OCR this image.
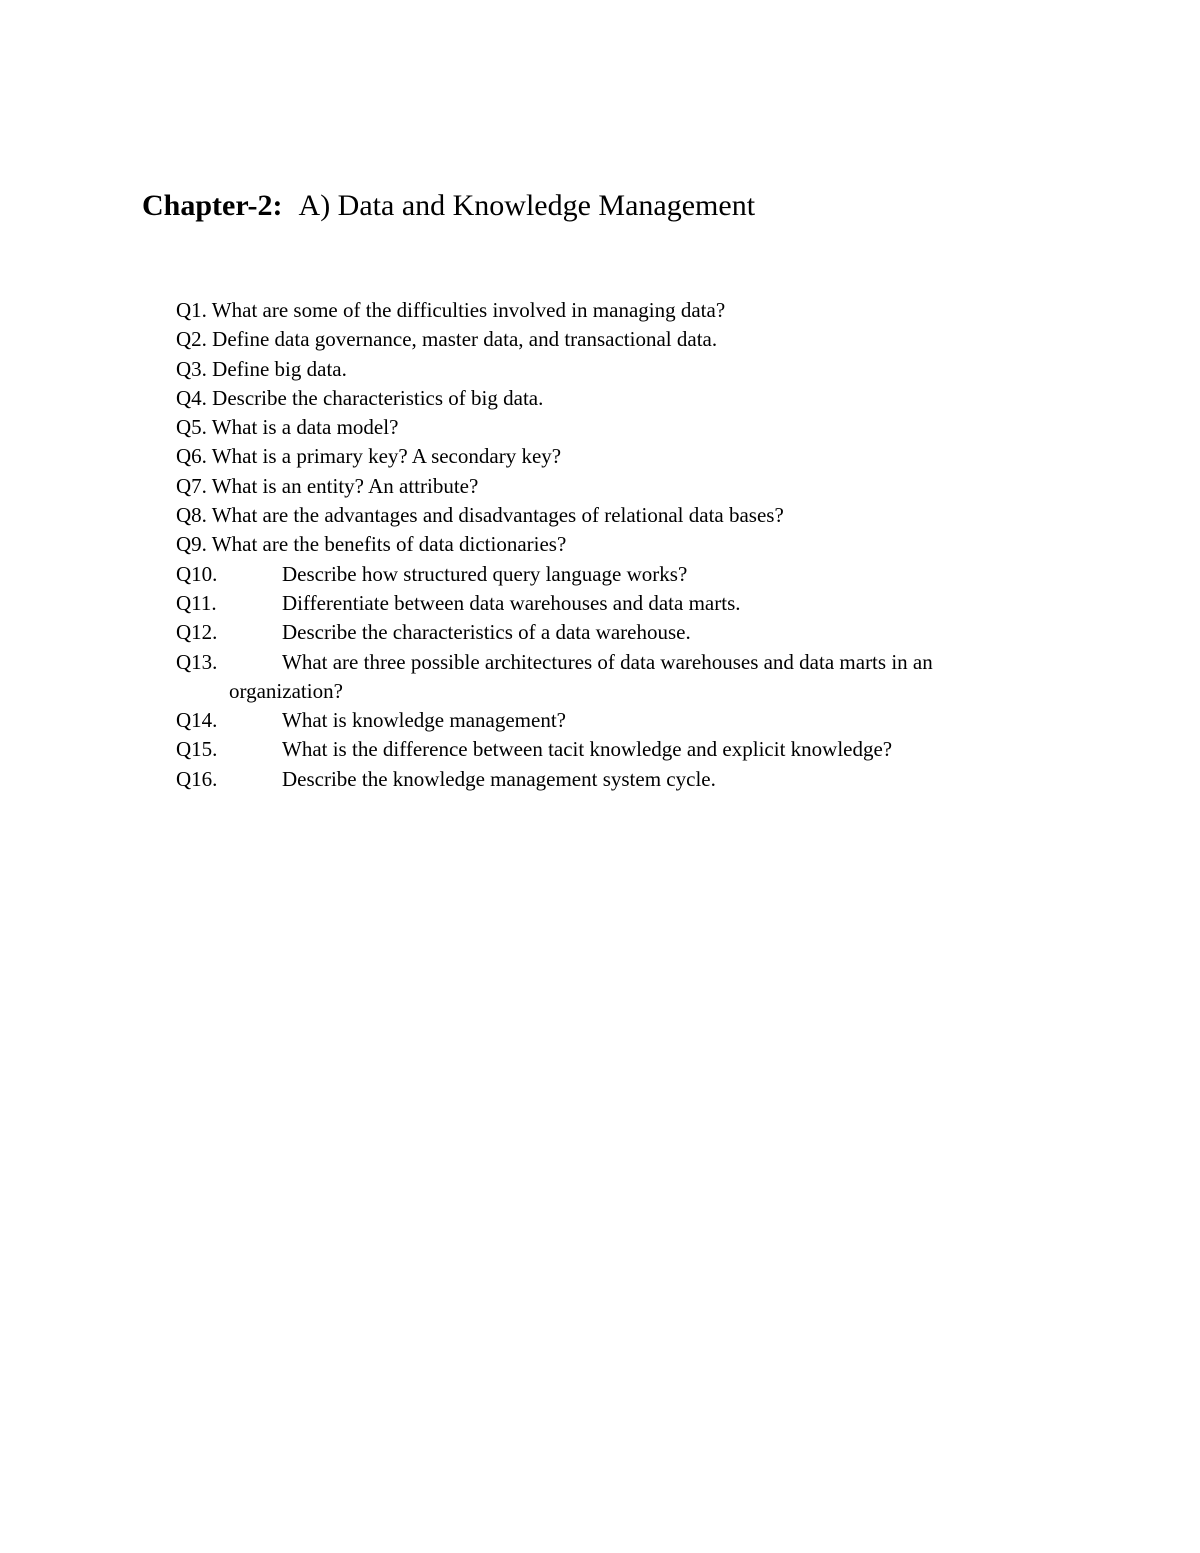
Chapter-2: A) Data and Knowledge Management
Q1. What are some of the difficulties involved in managing data?
Q2. Define data governance, master data, and transactional data.
Q3. Define big data.
Q4. Describe the characteristics of big data.
Q5. What is a data model?
Q6. What is a primary key? A secondary key?
Q7. What is an entity? An attribute?
Q8. What are the advantages and disadvantages of relational data bases?
Q9. What are the benefits of data dictionaries?
Q10.	Describe how structured query language works?
Q11.	Differentiate between data warehouses and data marts.
Q12.	Describe the characteristics of a data warehouse.
Q13.	What are three possible architectures of data warehouses and data marts in an
organization?
Q14.	What is knowledge management?
Q15.	What is the difference between tacit knowledge and explicit knowledge?
Q16.	Describe the knowledge management system cycle.
